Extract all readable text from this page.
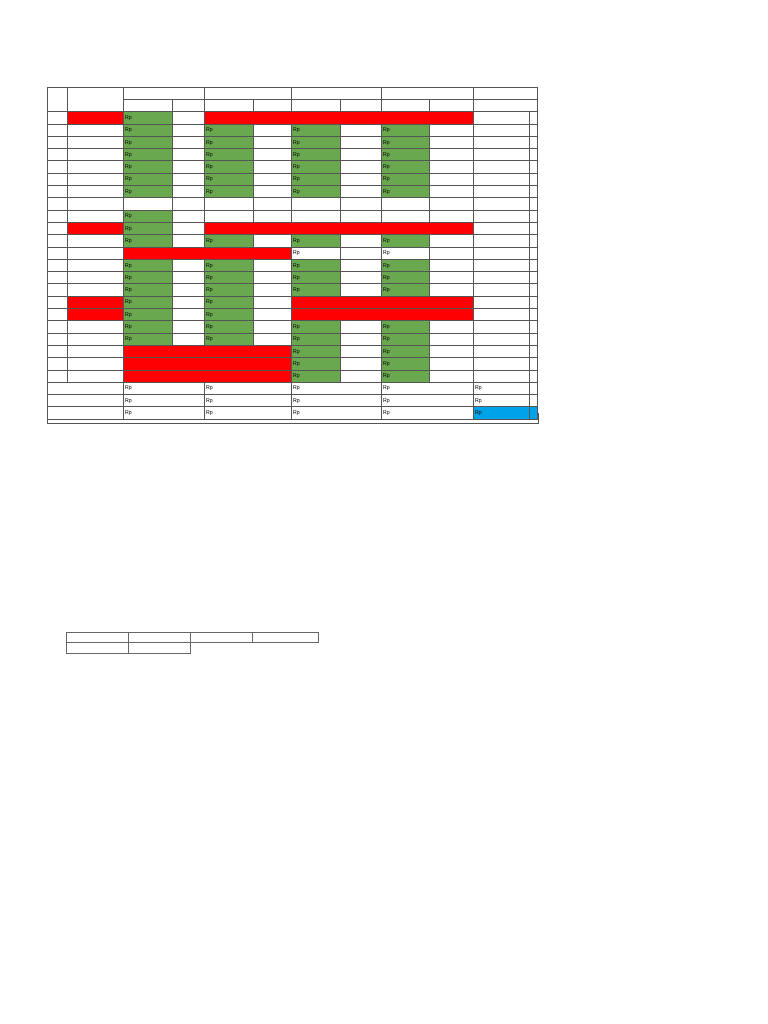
		Rp										
		Rp		Rp		Rp		Rp				
		Rp		Rp		Rp		Rp				
		Rp		Rp		Rp		Rp				
		Rp		Rp		Rp		Rp				
		Rp		Rp		Rp		Rp				
		Rp		Rp		Rp		Rp				

		Rp										
		Rp										
		Rp		Rp		Rp		Rp				
						Rp		Rp				
		Rp		Rp		Rp		Rp				
		Rp		Rp		Rp		Rp				
		Rp		Rp		Rp		Rp				
		Rp		Rp								
		Rp		Rp								
		Rp		Rp		Rp		Rp				
		Rp		Rp		Rp		Rp				
						Rp		Rp				
						Rp		Rp				
						Rp		Rp				
		Rp		Rp		Rp		Rp		Rp		
		Rp		Rp		Rp		Rp		Rp		
		Rp		Rp		Rp		Rp		Rp		
